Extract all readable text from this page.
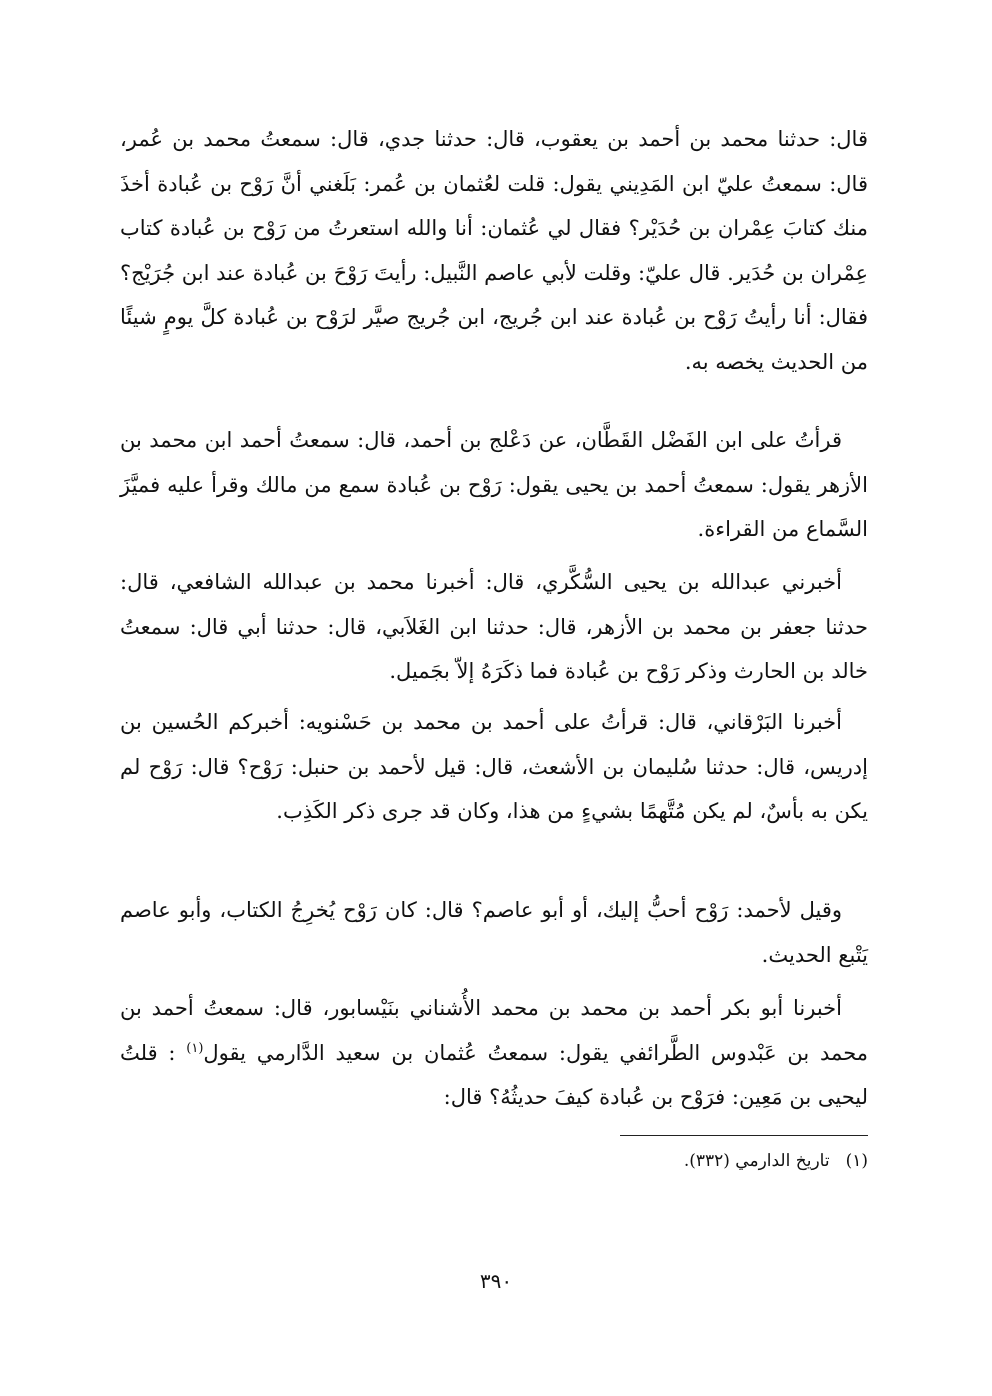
قال: حدثنا محمد بن أحمد بن يعقوب، قال: حدثنا جدي، قال: سمعتُ محمد بن عُمر، قال: سمعتُ عليّ ابن المَدِيني يقول: قلت لعُثمان بن عُمر: بَلَغني أنَّ رَوْح بن عُبادة أخذَ منك كتابَ عِمْران بن حُدَيْر؟ فقال لي عُثمان: أنا والله استعرتُ من رَوْح بن عُبادة كتاب عِمْران بن حُدَير. قال عليّ: وقلت لأبي عاصم النَّبيل: رأيتَ رَوْحَ بن عُبادة عند ابن جُرَيْج؟ فقال: أنا رأيتُ رَوْح بن عُبادة عند ابن جُريج، ابن جُريج صيَّر لرَوْح بن عُبادة كلَّ يومٍ شيئًا من الحديث يخصه به.

قرأتُ على ابن الفَضْل القَطَّان، عن دَعْلج بن أحمد، قال: سمعتُ أحمد ابن محمد بن الأزهر يقول: سمعتُ أحمد بن يحيى يقول: رَوْح بن عُبادة سمع من مالك وقرأ عليه فميَّزَ السَّماع من القراءة.

أخبرني عبدالله بن يحيى السُّكَّري، قال: أخبرنا محمد بن عبدالله الشافعي، قال: حدثنا جعفر بن محمد بن الأزهر، قال: حدثنا ابن الغَلاَبي، قال: حدثنا أبي قال: سمعتُ خالد بن الحارث وذكر رَوْح بن عُبادة فما ذكَرَهُ إلاّ بجَميل.

أخبرنا البَرْقاني، قال: قرأتُ على أحمد بن محمد بن حَسْنويه: أخبركم الحُسين بن إدريس، قال: حدثنا سُليمان بن الأشعث، قال: قيل لأحمد بن حنبل: رَوْح؟ قال: رَوْح لم يكن به بأسٌ، لم يكن مُتَّهمًا بشيءٍ من هذا، وكان قد جرى ذكر الكَذِب.

وقيل لأحمد: رَوْح أحبُّ إليك، أو أبو عاصم؟ قال: كان رَوْح يُخرِجُ الكتاب، وأبو عاصم يَتْبع الحديث.

أخبرنا أبو بكر أحمد بن محمد بن محمد الأُشناني بنَيْسابور، قال: سمعتُ أحمد بن محمد بن عَبْدوس الطَّرائفي يقول: سمعتُ عُثمان بن سعيد الدَّارمي يقول$^{(١)}$ : قلتُ ليحيى بن مَعِين: فرَوْح بن عُبادة كيفَ حديثُهُ؟ قال:

(١)تاريخ الدارمي (٣٣٢).
٣٩٠
